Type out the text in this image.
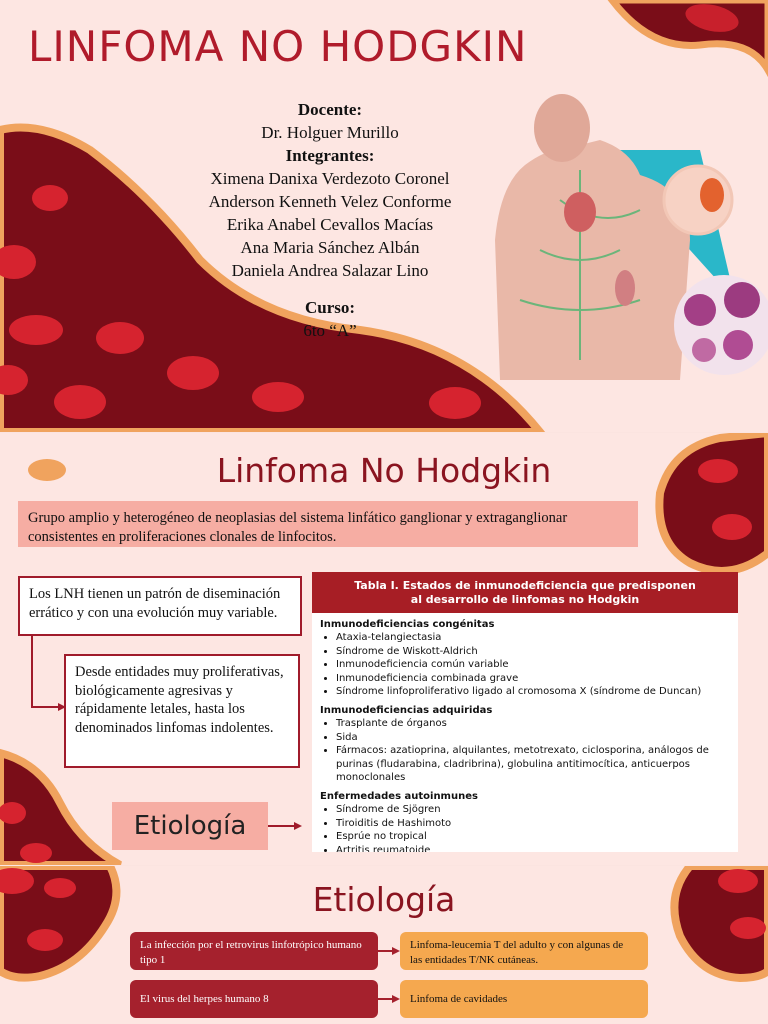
LINFOMA NO HODGKIN
Docente:
Dr. Holguer Murillo
Integrantes:
Ximena Danixa Verdezoto Coronel
Anderson Kenneth Velez Conforme
Erika Anabel Cevallos Macías
Ana Maria Sánchez Albán
Daniela Andrea Salazar Lino
Curso:
6to “A”
Linfoma No Hodgkin
Grupo amplio y heterogéneo de neoplasias del sistema linfático ganglionar y extraganglionar consistentes en proliferaciones clonales de linfocitos.
Los LNH tienen un patrón de diseminación errático y con una evolución muy variable.
Desde entidades muy proliferativas, biológicamente agresivas y rápidamente letales, hasta los denominados linfomas indolentes.
Etiología
Tabla I. Estados de inmunodeficiencia que predisponen
al desarrollo de linfomas no Hodgkin
Inmunodeficiencias congénitas
• Ataxia-telangiectasia
• Síndrome de Wiskott-Aldrich
• Inmunodeficiencia común variable
• Inmunodeficiencia combinada grave
• Síndrome linfoproliferativo ligado al cromosoma X (síndrome de Duncan)
Inmunodeficiencias adquiridas
• Trasplante de órganos
• Sida
• Fármacos: azatioprina, alquilantes, metotrexato, ciclosporina, análogos de purinas (fludarabina, cladribrina), globulina antitimocítica, anticuerpos monoclonales
Enfermedades autoinmunes
• Síndrome de Sjögren
• Tiroiditis de Hashimoto
• Esprúe no tropical
• Artritis reumatoide
Etiología
La infección por el retrovirus linfotrópico humano tipo 1
Linfoma-leucemia T del adulto y con algunas de las entidades T/NK cutáneas.
El virus del herpes humano 8	Linfoma de cavidades
